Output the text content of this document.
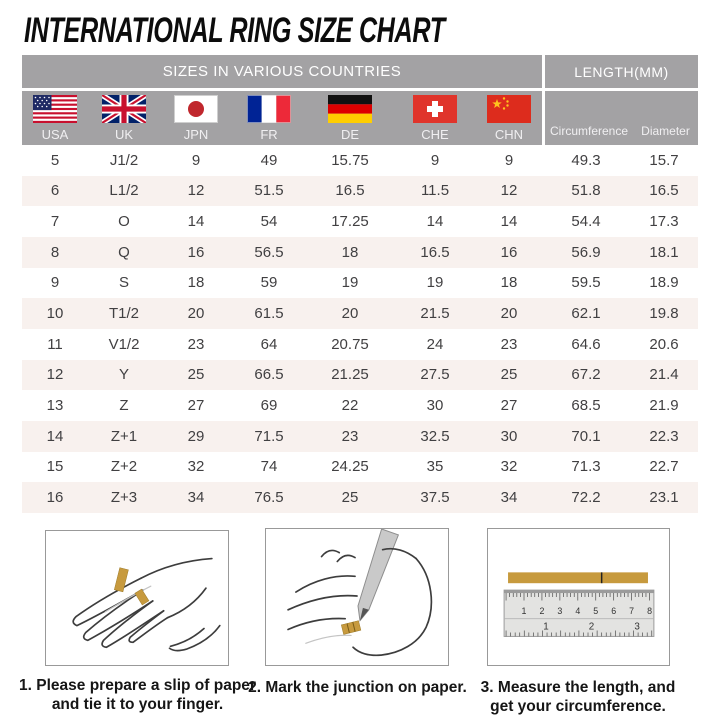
INTERNATIONAL RING SIZE CHART
SIZES IN VARIOUS COUNTRIES	LENGTH(MM)
USA	UK	JPN	FR	DE	CHE	CHN	Circumference	Diameter
5	J1/2	9	49	15.75	9	9	49.3	15.7
6	L1/2	12	51.5	16.5	11.5	12	51.8	16.5
7	O	14	54	17.25	14	14	54.4	17.3
8	Q	16	56.5	18	16.5	16	56.9	18.1
9	S	18	59	19	19	18	59.5	18.9
10	T1/2	20	61.5	20	21.5	20	62.1	19.8
11	V1/2	23	64	20.75	24	23	64.6	20.6
12	Y	25	66.5	21.25	27.5	25	67.2	21.4
13	Z	27	69	22	30	27	68.5	21.9
14	Z+1	29	71.5	23	32.5	30	70.1	22.3
15	Z+2	32	74	24.25	35	32	71.3	22.7
16	Z+3	34	76.5	25	37.5	34	72.2	23.1
1 2 3 4 5 6 7 8
1	2	3
1. Please prepare a slip of paper
and tie it to your finger.
2. Mark the junction on paper. 3. Measure the length, and
get your circumference.
